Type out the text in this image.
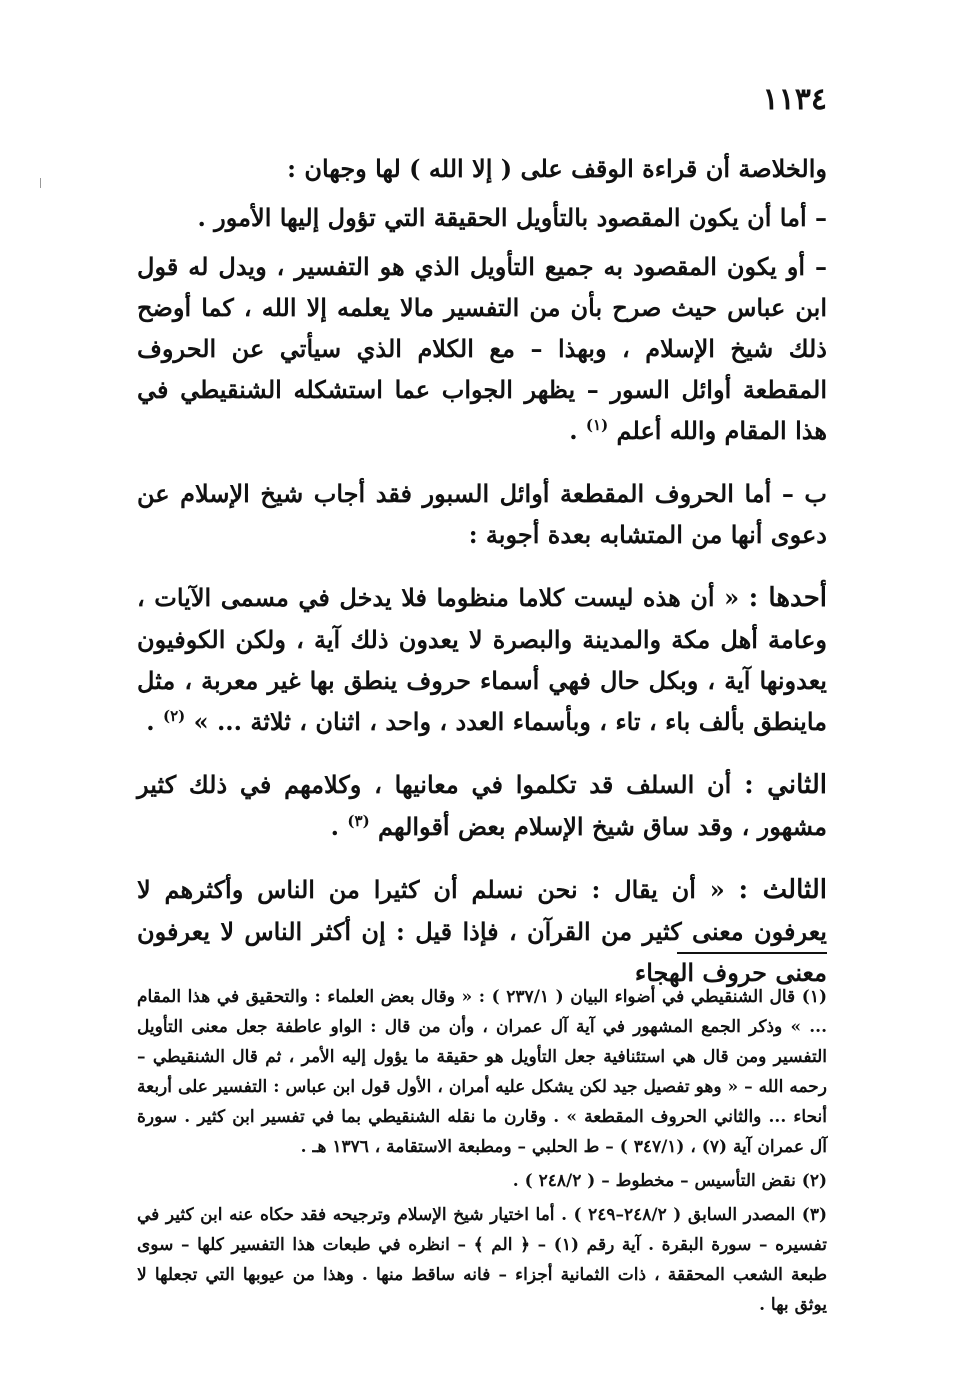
١١٣٤

والخلاصة أن قراءة الوقف على ( إلا الله ) لها وجهان :

– أما أن يكون المقصود بالتأويل الحقيقة التي تؤول إليها الأمور .

– أو يكون المقصود به جميع التأويل الذي هو التفسير ، ويدل له قول ابن عباس حيث صرح بأن من التفسير مالا يعلمه إلا الله ، كما أوضح ذلك شيخ الإسلام ، وبهذا – مع الكلام الذي سيأتي عن الحروف المقطعة أوائل السور – يظهر الجواب عما استشكله الشنقيطي في هذا المقام والله أعلم $^{(١)}$ .

ب – أما الحروف المقطعة أوائل السبور فقد أجاب شيخ الإسلام عن دعوى أنها من المتشابه بعدة أجوبة :

أحدها : « أن هذه ليست كلاما منظوما فلا يدخل في مسمى الآيات ، وعامة أهل مكة والمدينة والبصرة لا يعدون ذلك آية ، ولكن الكوفيون يعدونها آية ، وبكل حال فهي أسماء حروف ينطق بها غير معربة ، مثل ماينطق بألف باء ، تاء ، وبأسماء العدد ، واحد ، اثنان ، ثلاثة ... » $^{(٢)}$ .

الثاني : أن السلف قد تكلموا في معانيها ، وكلامهم في ذلك كثير مشهور ، وقد ساق شيخ الإسلام بعض أقوالهم $^{(٣)}$ .

الثالث : « أن يقال : نحن نسلم أن كثيرا من الناس وأكثرهم لا يعرفون معنى كثير من القرآن ، فإذا قيل : إن أكثر الناس لا يعرفون معنى حروف الهجاء

(١) قال الشنقيطي في أضواء البيان ( ٢٣٧/١ ) : « وقال بعض العلماء : والتحقيق في هذا المقام ... » وذكر الجمع المشهور في آية آل عمران ، وأن من قال : الواو عاطفة جعل معنى التأويل التفسير ومن قال هي استئنافية جعل التأويل هو حقيقة ما يؤول إليه الأمر ، ثم قال الشنقيطي – رحمه الله – « وهو تفصيل جيد لكن يشكل عليه أمران ، الأول قول ابن عباس : التفسير على أربعة أنحاء ... والثاني الحروف المقطعة » . وقارن ما نقله الشنقيطي بما في تفسير ابن كثير . سورة آل عمران آية (٧) ، (٣٤٧/١ ) – ط الحلبي – ومطبعة الاستقامة ، ١٣٧٦ هـ .

(٢) نقض التأسيس – مخطوط – ( ٢٤٨/٢ ) .

(٣) المصدر السابق ( ٢٤٨/٢–٢٤٩ ) . أما اختيار شيخ الإسلام وترجيحه فقد حكاه عنه ابن كثير في تفسيره – سورة البقرة . آية رقم (١) – ﴿ الم ﴾ – انظره في طبعات هذا التفسير كلها – سوى طبعة الشعب المحققة ، ذات الثمانية أجزاء – فانه ساقط منها . وهذا من عيوبها التي تجعلها لا يوثق بها .
